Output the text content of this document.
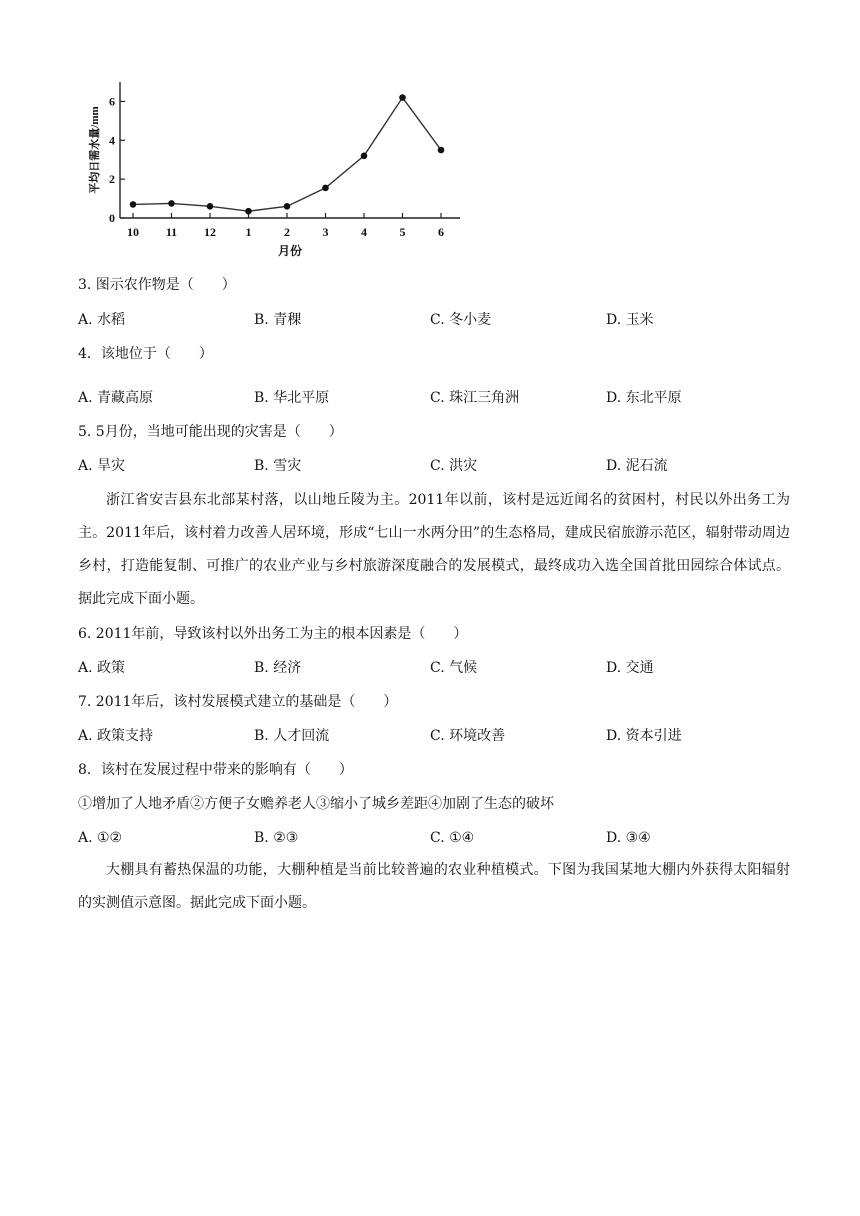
平均日需水量/mm
月份
0
2
4
6
10 11 12 1	2	3	4	5	6
3. 图示农作物是（　　）
A. 水稻	B. 青稞	C. 冬小麦	D. 玉米
4．该地位于（　　）
A. 青藏高原	B. 华北平原	C. 珠江三角洲	D. 东北平原
5. 5月份，当地可能出现的灾害是（　　）
A. 旱灾	B. 雪灾	C. 洪灾	D. 泥石流
浙江省安吉县东北部某村落，以山地丘陵为主。2011年以前，该村是远近闻名的贫困村，村民以外出务工为主。2011年后，该村着力改善人居环境，形成“七山一水两分田”的生态格局，建成民宿旅游示范区，辐射带动周边乡村，打造能复制、可推广的农业产业与乡村旅游深度融合的发展模式，最终成功入选全国首批田园综合体试点。据此完成下面小题。
6. 2011年前，导致该村以外出务工为主的根本因素是（　　）
A. 政策	B. 经济	C. 气候	D. 交通
7. 2011年后，该村发展模式建立的基础是（　　）
A. 政策支持	B. 人才回流	C. 环境改善	D. 资本引进
8．该村在发展过程中带来的影响有（　　）
①增加了人地矛盾②方便子女赡养老人③缩小了城乡差距④加剧了生态的破坏
A. ①②	B. ②③	C. ①④	D. ③④
大棚具有蓄热保温的功能，大棚种植是当前比较普遍的农业种植模式。下图为我国某地大棚内外获得太阳辐射的实测值示意图。据此完成下面小题。
